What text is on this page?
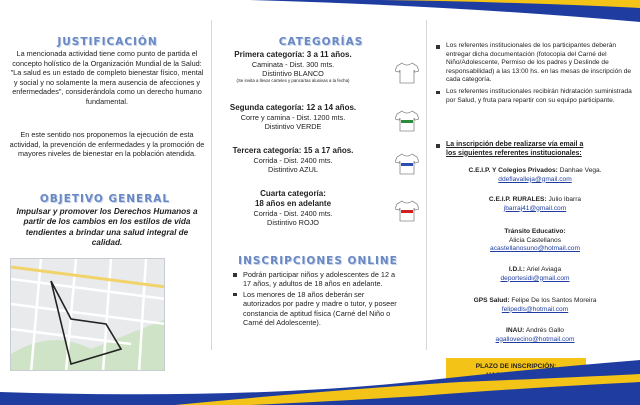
JUSTIFICACIÓN

La mencionada actividad tiene como punto de partida el concepto holístico de la Organización Mundial de la Salud: "La salud es un estado de completo bienestar físico, mental y social y no solamente la mera ausencia de afecciones y enfermedades", considerándola como un derecho humano fundamental.

En este sentido nos proponemos la ejecución de esta actividad, la prevención de enfermedades y la promoción de mayores niveles de bienestar en la población atendida.

OBJETIVO GENERAL

Impulsar y promover los Derechos Humanos a partir de los cambios en los estilos de vida tendientes a brindar una salud integral de calidad.

CATEGORÍAS
Primera categoría: 3 a 11 años.
Caminata - Dist. 300 mts.
Distintivo BLANCO
(Se invita a llevar carteles y pancartas alusivas a la fecha)
Segunda categoría: 12 a 14 años.
Corre y camina - Dist. 1200 mts.
Distintivo VERDE
Tercera categoría: 15 a 17 años.
Corrida - Dist. 2400 mts.
Distintivo AZUL
Cuarta categoría:
18 años en adelante
Corrida - Dist. 2400 mts.
Distintivo ROJO
INSCRIPCIONES ONLINE
Podrán participar niños y adolescentes de 12 a 17 años, y adultos de 18 años en adelante.
Los menores de 18 años deberán ser autorizados por padre y madre o tutor, y poseer constancia de aptitud física (Carné del Niño o Carné del Adolescente).
Los referentes institucionales de los participantes deberán entregar dicha documentación (fotocopia del Carné del Niño/Adolescente, Permiso de los padres y Deslinde de responsabilidad) a las 13:00 hs. en las mesas de inscripción de cada categoría.
Los referentes institucionales recibirán hidratación suministrada por Salud, y fruta para repartir con su equipo participante.
La inscripción debe realizarse vía email a
los siguientes referentes institucionales:
C.E.I.P. Y Colegios Privados: Danhae Vega.
ddeflavalleja@gmail.com
C.E.I.P. RURALES: Julio Ibarra
jbarraj41@gmail.com
Tránsito Educativo:
Alicia Castellanos
acastellanosuno@hotmail.com
I.D.I.: Ariel Aviaga
deportesidi@gmail.com
GPS Salud: Felipe De los Santos Moreira
felipedls@hotmail.com
INAU: Andrés Gallo
agallovecino@hotmail.com
PLAZO DE INSCRIPCIÓN:
